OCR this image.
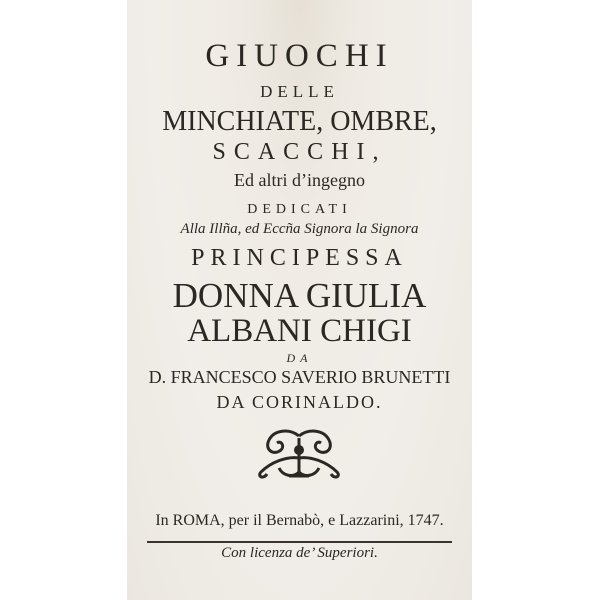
GIUOCHI
DELLE
MINCHIATE, OMBRE,
SCACCHI,
Ed altri d’ingegno
DEDICATI
Alla Illña, ed Eccña Signora la Signora
PRINCIPESSA
DONNA GIULIA
ALBANI CHIGI
DA
D. FRANCESCO SAVERIO BRUNETTI
DA CORINALDO.
In ROMA, per il Bernabò, e Lazzarini, 1747.
Con licenza de’ Superiori.
